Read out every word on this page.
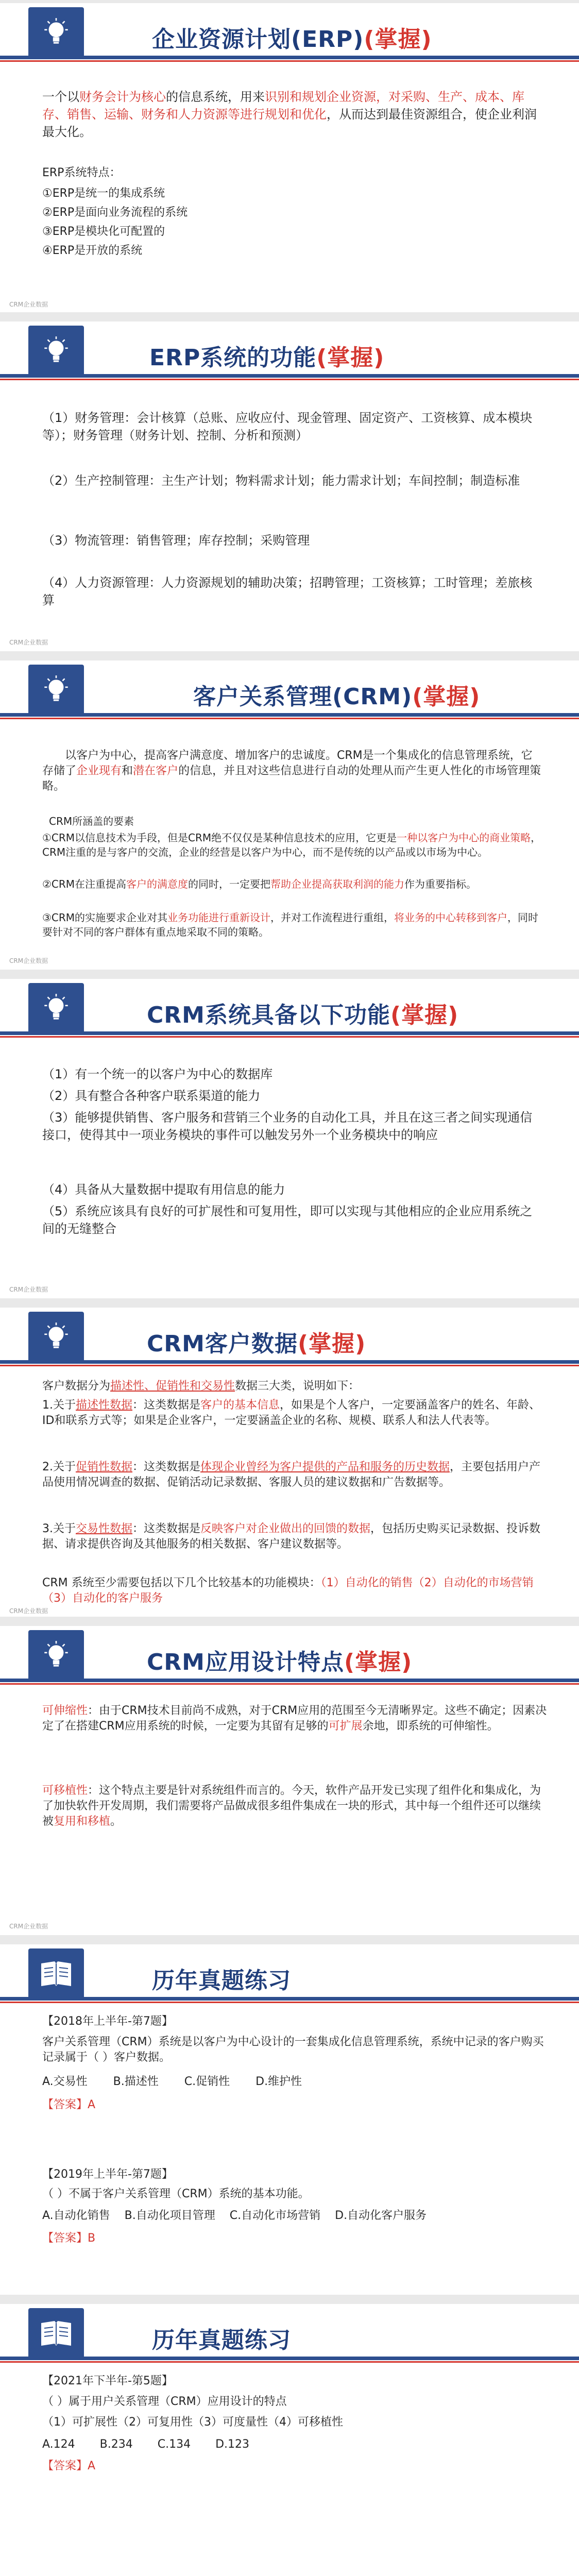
企业资源计划(ERP)(掌握)
一个以财务会计为核心的信息系统，用来识别和规划企业资源，对采购、生产、成本、库存、销售、运输、财务和人力资源等进行规划和优化，从而达到最佳资源组合，使企业利润最大化。
ERP系统特点：
①ERP是统一的集成系统
②ERP是面向业务流程的系统
③ERP是模块化可配置的
④ERP是开放的系统
CRM企业数据
ERP系统的功能(掌握)
（1）财务管理：会计核算（总账、应收应付、现金管理、固定资产、工资核算、成本模块等）；财务管理（财务计划、控制、分析和预测）
（2）生产控制管理：主生产计划；物料需求计划；能力需求计划；车间控制；制造标准
（3）物流管理：销售管理；库存控制；采购管理
（4）人力资源管理：人力资源规划的辅助决策；招聘管理；工资核算；工时管理；差旅核算
CRM企业数据
客户关系管理(CRM)(掌握)
以客户为中心，提高客户满意度、增加客户的忠诚度。CRM是一个集成化的信息管理系统，它存储了企业现有和潜在客户的信息，并且对这些信息进行自动的处理从而产生更人性化的市场管理策略。
CRM所涵盖的要素
①CRM以信息技术为手段，但是CRM绝不仅仅是某种信息技术的应用，它更是一种以客户为中心的商业策略，CRM注重的是与客户的交流，企业的经营是以客户为中心，而不是传统的以产品或以市场为中心。
②CRM在注重提高客户的满意度的同时，一定要把帮助企业提高获取利润的能力作为重要指标。
③CRM的实施要求企业对其业务功能进行重新设计，并对工作流程进行重组，将业务的中心转移到客户，同时要针对不同的客户群体有重点地采取不同的策略。
CRM企业数据
CRM系统具备以下功能(掌握)
（1）有一个统一的以客户为中心的数据库
（2）具有整合各种客户联系渠道的能力
（3）能够提供销售、客户服务和营销三个业务的自动化工具，并且在这三者之间实现通信接口，使得其中一项业务模块的事件可以触发另外一个业务模块中的响应
（4）具备从大量数据中提取有用信息的能力
（5）系统应该具有良好的可扩展性和可复用性，即可以实现与其他相应的企业应用系统之间的无缝整合
CRM企业数据
CRM客户数据(掌握)
客户数据分为描述性、促销性和交易性数据三大类，说明如下：
1.关于描述性数据：这类数据是客户的基本信息，如果是个人客户，一定要涵盖客户的姓名、年龄、ID和联系方式等；如果是企业客户，一定要涵盖企业的名称、规模、联系人和法人代表等。
2.关于促销性数据：这类数据是体现企业曾经为客户提供的产品和服务的历史数据，主要包括用户产品使用情况调查的数据、促销活动记录数据、客服人员的建议数据和广告数据等。
3.关于交易性数据：这类数据是反映客户对企业做出的回馈的数据，包括历史购买记录数据、投诉数据、请求提供咨询及其他服务的相关数据、客户建议数据等。
CRM 系统至少需要包括以下几个比较基本的功能模块：（1）自动化的销售（2）自动化的市场营销（3）自动化的客户服务
CRM企业数据
CRM应用设计特点(掌握)
可伸缩性：由于CRM技术目前尚不成熟，对于CRM应用的范围至今无清晰界定。这些不确定；因素决定了在搭建CRM应用系统的时候，一定要为其留有足够的可扩展余地，即系统的可伸缩性。
可移植性：这个特点主要是针对系统组件而言的。今天，软件产品开发已实现了组件化和集成化，为了加快软件开发周期，我们需要将产品做成很多组件集成在一块的形式，其中每一个组件还可以继续被复用和移植。
CRM企业数据
历年真题练习
【2018年上半年-第7题】
客户关系管理（CRM）系统是以客户为中心设计的一套集成化信息管理系统，系统中记录的客户购买记录属于（ ）客户数据。
A.交易性 B.描述性 C.促销性 D.维护性
【答案】A
【2019年上半年-第7题】
（ ）不属于客户关系管理（CRM）系统的基本功能。
A.自动化销售 B.自动化项目管理 C.自动化市场营销 D.自动化客户服务
【答案】B
历年真题练习
【2021年下半年-第5题】
（ ）属于用户关系管理（CRM）应用设计的特点
（1）可扩展性（2）可复用性（3）可度量性（4）可移植性
A.124 B.234 C.134 D.123
【答案】A
